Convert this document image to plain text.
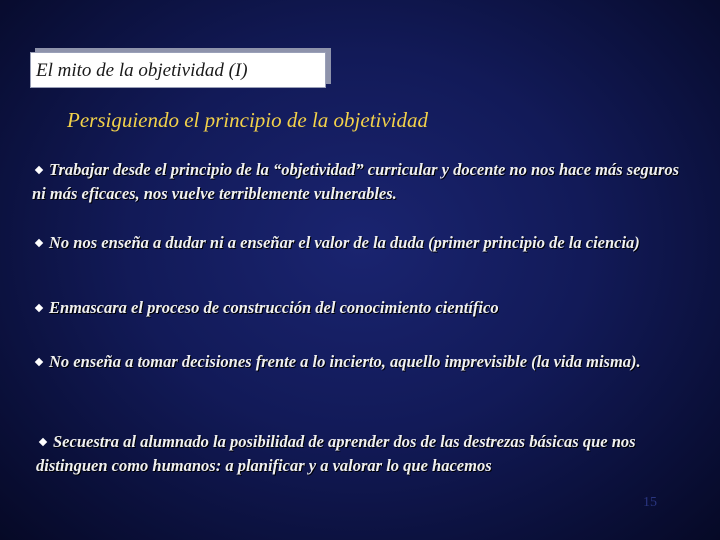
El mito de la objetividad (I)
Persiguiendo el principio de la objetividad
Trabajar desde el principio de la “objetividad” curricular y docente no nos hace más seguros ni más eficaces, nos vuelve terriblemente vulnerables.
No nos enseña a dudar ni a enseñar el valor de la duda (primer principio de la ciencia)
Enmascara el proceso de construcción del conocimiento científico
No enseña a tomar decisiones frente a lo incierto, aquello imprevisible (la vida misma).
Secuestra al alumnado la posibilidad de aprender dos de las destrezas básicas que nos distinguen como humanos: a planificar y a valorar lo que hacemos
15
